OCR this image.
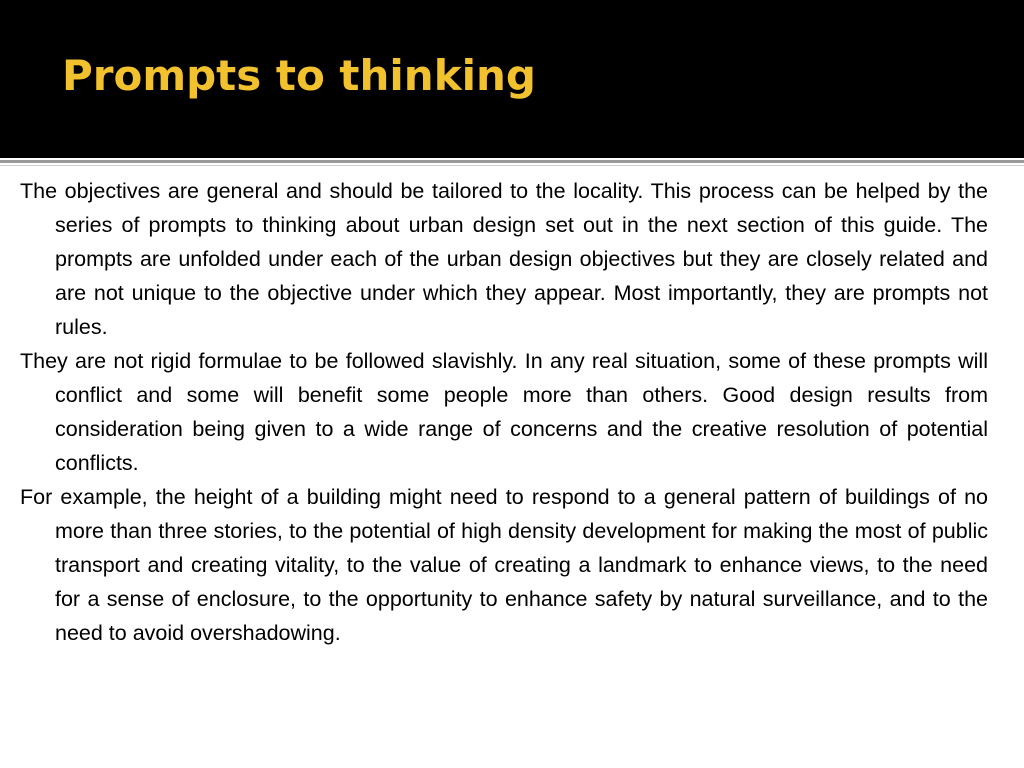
Prompts to thinking
The objectives are general and should be tailored to the locality. This process can be helped by the series of prompts to thinking about urban design set out in the next section of this guide. The prompts are unfolded under each of the urban design objectives but they are closely related and are not unique to the objective under which they appear. Most importantly, they are prompts not rules.
They are not rigid formulae to be followed slavishly. In any real situation, some of these prompts will conflict and some will benefit some people more than others. Good design results from consideration being given to a wide range of concerns and the creative resolution of potential conflicts.
For example, the height of a building might need to respond to a general pattern of buildings of no more than three stories, to the potential of high density development for making the most of public transport and creating vitality, to the value of creating a landmark to enhance views, to the need for a sense of enclosure, to the opportunity to enhance safety by natural surveillance, and to the need to avoid overshadowing.
